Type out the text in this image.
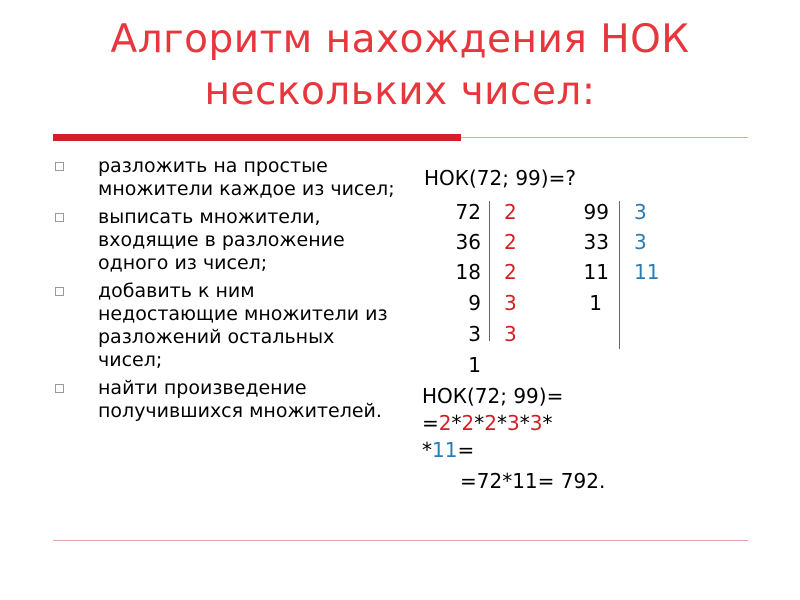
Алгоритм нахождения НОК
нескольких чисел:
разложить на простые множители каждое из чисел;
выписать множители, входящие в разложение одного из чисел;
добавить к ним недостающие множители из разложений остальных чисел;
найти произведение получившихся множителей.
НОК(72; 99)=?
72
36
18
9
3
1
2
2
2
3
3
99
33
11
1
3
3
11
НОК(72; 99)=
=2*2*2*3*3*
*11=
=72*11= 792.
